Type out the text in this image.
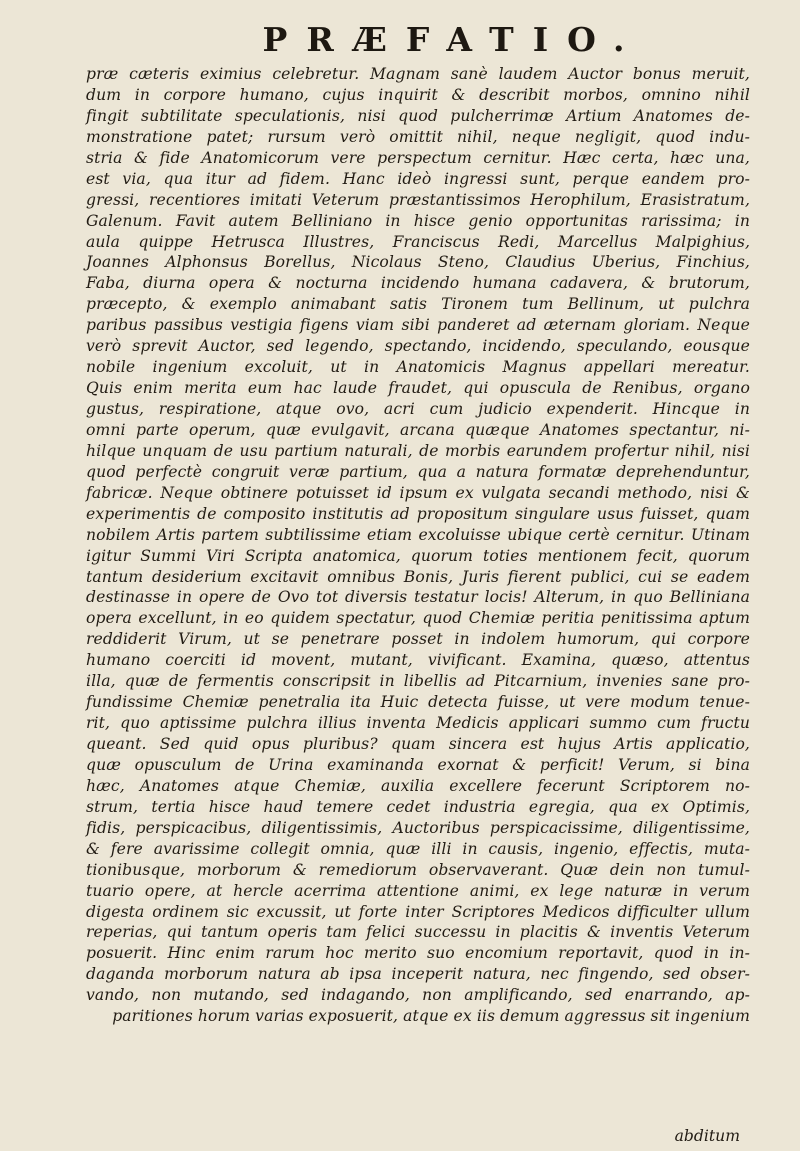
PRÆFATIO.
præ cæteris eximius celebretur. Magnam sanè laudem Auctor bonus meruit,
dum in corpore humano, cujus inquirit & describit morbos, omnino nihil
fingit subtilitate speculationis, nisi quod pulcherrimæ Artium Anatomes de-
monstratione patet; rursum verò omittit nihil, neque negligit, quod indu-
stria & fide Anatomicorum vere perspectum cernitur. Hæc certa, hæc una,
est via, qua itur ad fidem. Hanc ideò ingressi sunt, perque eandem pro-
gressi, recentiores imitati Veterum præstantissimos Herophilum, Erasistratum,
Galenum. Favit autem Belliniano in hisce genio opportunitas rarissima; in
aula quippe Hetrusca Illustres, Franciscus Redi, Marcellus Malpighius,
Joannes Alphonsus Borellus, Nicolaus Steno, Claudius Uberius, Finchius,
Faba, diurna opera & nocturna incidendo humana cadavera, & brutorum,
præcepto, & exemplo animabant satis Tironem tum Bellinum, ut pulchra
paribus passibus vestigia figens viam sibi panderet ad æternam gloriam. Neque
verò sprevit Auctor, sed legendo, spectando, incidendo, speculando, eousque
nobile ingenium excoluit, ut in Anatomicis Magnus appellari mereatur.
Quis enim merita eum hac laude fraudet, qui opuscula de Renibus, organo
gustus, respiratione, atque ovo, acri cum judicio expenderit. Hincque in
omni parte operum, quæ evulgavit, arcana quæque Anatomes spectantur, ni-
hilque unquam de usu partium naturali, de morbis earundem profertur nihil, nisi
quod perfectè congruit veræ partium, qua a natura formatæ deprehenduntur,
fabricæ. Neque obtinere potuisset id ipsum ex vulgata secandi methodo, nisi &
experimentis de composito institutis ad propositum singulare usus fuisset, quam
nobilem Artis partem subtilissime etiam excoluisse ubique certè cernitur. Utinam
igitur Summi Viri Scripta anatomica, quorum toties mentionem fecit, quorum
tantum desiderium excitavit omnibus Bonis, Juris fierent publici, cui se eadem
destinasse in opere de Ovo tot diversis testatur locis! Alterum, in quo Belliniana
opera excellunt, in eo quidem spectatur, quod Chemiæ peritia penitissima aptum
reddiderit Virum, ut se penetrare posset in indolem humorum, qui corpore
humano coerciti id movent, mutant, vivificant. Examina, quæso, attentus
illa, quæ de fermentis conscripsit in libellis ad Pitcarnium, invenies sane pro-
fundissime Chemiæ penetralia ita Huic detecta fuisse, ut vere modum tenue-
rit, quo aptissime pulchra illius inventa Medicis applicari summo cum fructu
queant. Sed quid opus pluribus? quam sincera est hujus Artis applicatio,
quæ opusculum de Urina examinanda exornat & perficit! Verum, si bina
hæc, Anatomes atque Chemiæ, auxilia excellere fecerunt Scriptorem no-
strum, tertia hisce haud temere cedet industria egregia, qua ex Optimis,
fidis, perspicacibus, diligentissimis, Auctoribus perspicacissime, diligentissime,
& fere avarissime collegit omnia, quæ illi in causis, ingenio, effectis, muta-
tionibusque, morborum & remediorum observaverant. Quæ dein non tumul-
tuario opere, at hercle acerrima attentione animi, ex lege naturæ in verum
digesta ordinem sic excussit, ut forte inter Scriptores Medicos difficulter ullum
reperias, qui tantum operis tam felici successu in placitis & inventis Veterum
posuerit. Hinc enim rarum hoc merito suo encomium reportavit, quod in in-
daganda morborum natura ab ipsa inceperit natura, nec fingendo, sed obser-
vando, non mutando, sed indagando, non amplificando, sed enarrando, ap-
paritiones horum varias exposuerit, atque ex iis demum aggressus sit ingenium
abditum
